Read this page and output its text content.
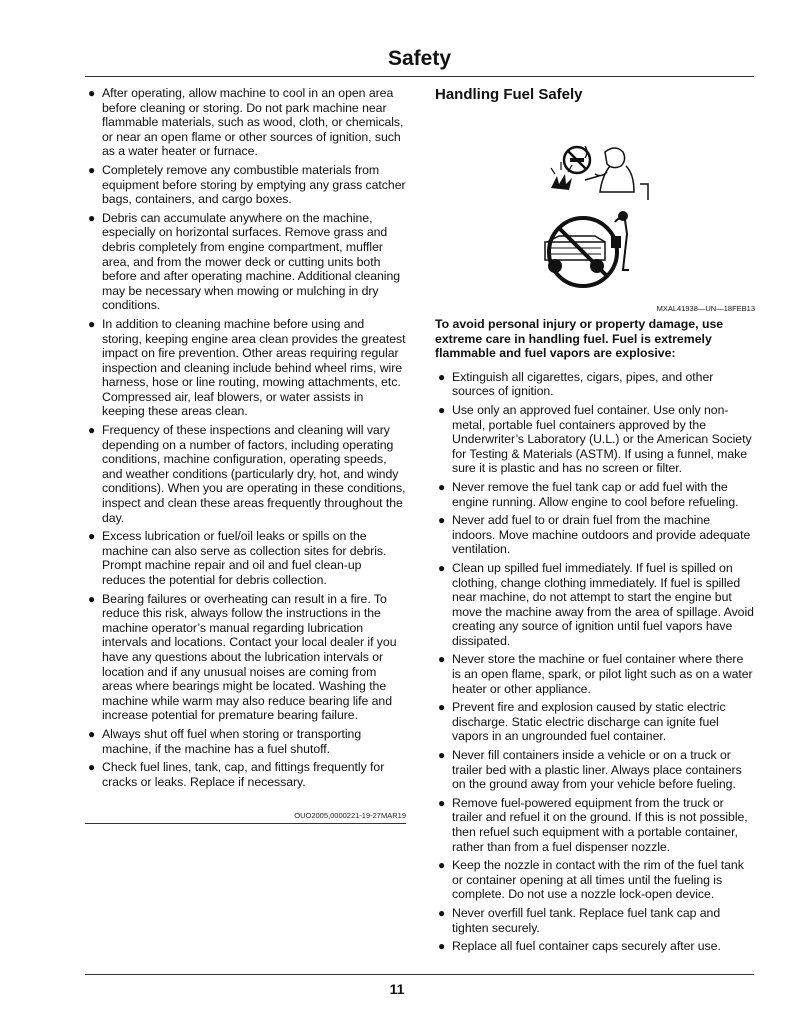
Safety
● After operating, allow machine to cool in an open area before cleaning or storing. Do not park machine near flammable materials, such as wood, cloth, or chemicals, or near an open flame or other sources of ignition, such as a water heater or furnace.
● Completely remove any combustible materials from equipment before storing by emptying any grass catcher bags, containers, and cargo boxes.
● Debris can accumulate anywhere on the machine, especially on horizontal surfaces. Remove grass and debris completely from engine compartment, muffler area, and from the mower deck or cutting units both before and after operating machine. Additional cleaning may be necessary when mowing or mulching in dry conditions.
● In addition to cleaning machine before using and storing, keeping engine area clean provides the greatest impact on fire prevention. Other areas requiring regular inspection and cleaning include behind wheel rims, wire harness, hose or line routing, mowing attachments, etc. Compressed air, leaf blowers, or water assists in keeping these areas clean.
● Frequency of these inspections and cleaning will vary depending on a number of factors, including operating conditions, machine configuration, operating speeds, and weather conditions (particularly dry, hot, and windy conditions). When you are operating in these conditions, inspect and clean these areas frequently throughout the day.
● Excess lubrication or fuel/oil leaks or spills on the machine can also serve as collection sites for debris. Prompt machine repair and oil and fuel clean-up reduces the potential for debris collection.
● Bearing failures or overheating can result in a fire. To reduce this risk, always follow the instructions in the machine operator’s manual regarding lubrication intervals and locations. Contact your local dealer if you have any questions about the lubrication intervals or location and if any unusual noises are coming from areas where bearings might be located. Washing the machine while warm may also reduce bearing life and increase potential for premature bearing failure.
● Always shut off fuel when storing or transporting machine, if the machine has a fuel shutoff.
● Check fuel lines, tank, cap, and fittings frequently for cracks or leaks. Replace if necessary.
OUO2005,0000221-19-27MAR19
Handling Fuel Safely
MXAL41938—UN—18FEB13

To avoid personal injury or property damage, use extreme care in handling fuel. Fuel is extremely flammable and fuel vapors are explosive:

● Extinguish all cigarettes, cigars, pipes, and other sources of ignition.
● Use only an approved fuel container. Use only non-metal, portable fuel containers approved by the Underwriter’s Laboratory (U.L.) or the American Society for Testing & Materials (ASTM). If using a funnel, make sure it is plastic and has no screen or filter.
● Never remove the fuel tank cap or add fuel with the engine running. Allow engine to cool before refueling.
● Never add fuel to or drain fuel from the machine indoors. Move machine outdoors and provide adequate ventilation.
● Clean up spilled fuel immediately. If fuel is spilled on clothing, change clothing immediately. If fuel is spilled near machine, do not attempt to start the engine but move the machine away from the area of spillage. Avoid creating any source of ignition until fuel vapors have dissipated.
● Never store the machine or fuel container where there is an open flame, spark, or pilot light such as on a water heater or other appliance.
● Prevent fire and explosion caused by static electric discharge. Static electric discharge can ignite fuel vapors in an ungrounded fuel container.
● Never fill containers inside a vehicle or on a truck or trailer bed with a plastic liner. Always place containers on the ground away from your vehicle before fueling.
● Remove fuel-powered equipment from the truck or trailer and refuel it on the ground. If this is not possible, then refuel such equipment with a portable container, rather than from a fuel dispenser nozzle.
● Keep the nozzle in contact with the rim of the fuel tank or container opening at all times until the fueling is complete. Do not use a nozzle lock-open device.
● Never overfill fuel tank. Replace fuel tank cap and tighten securely.
● Replace all fuel container caps securely after use.
11
